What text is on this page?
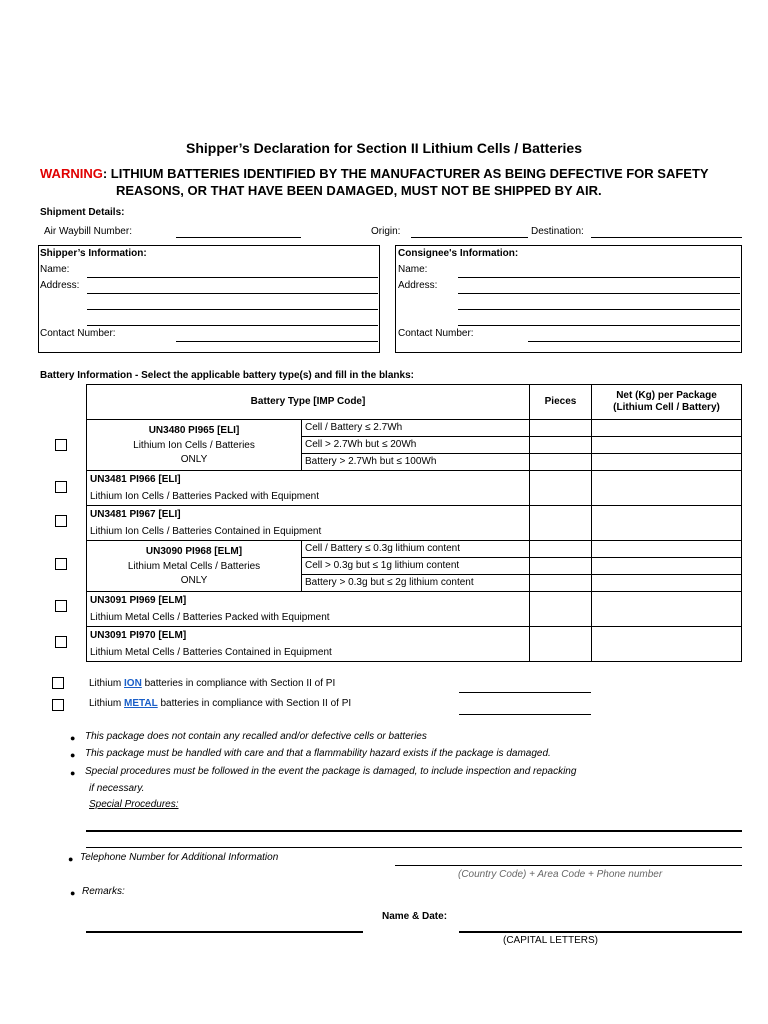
Shipper’s Declaration for Section II Lithium Cells / Batteries
WARNING: LITHIUM BATTERIES IDENTIFIED BY THE MANUFACTURER AS BEING DEFECTIVE FOR SAFETY
REASONS, OR THAT HAVE BEEN DAMAGED, MUST NOT BE SHIPPED BY AIR.
Shipment Details:
Air Waybill Number:	Origin:	Destination:
Shipper’s Information:
Name:
Address:
Contact Number:
Consignee's Information:
Name:
Address:
Contact Number:
Battery Information - Select the applicable battery type(s) and fill in the blanks:
Battery Type [IMP Code]		Pieces	Net (Kg) per Package
(Lithium Cell / Battery)
UN3480 PI965 [ELI]
Lithium Ion Cells / Batteries
ONLY	Cell / Battery ≤ 2.7Wh		
	Cell > 2.7Wh but ≤ 20Wh		
	Battery > 2.7Wh but ≤ 100Wh		
UN3481 PI966 [ELI]
Lithium Ion Cells / Batteries Packed with Equipment			
UN3481 PI967 [ELI]
Lithium Ion Cells / Batteries Contained in Equipment			
UN3090 PI968 [ELM]
Lithium Metal Cells / Batteries
ONLY	Cell / Battery ≤ 0.3g lithium content		
	Cell > 0.3g but ≤ 1g lithium content		
	Battery > 0.3g but ≤ 2g lithium content		
UN3091 PI969 [ELM]
Lithium Metal Cells / Batteries Packed with Equipment			
UN3091 PI970 [ELM]
Lithium Metal Cells / Batteries Contained in Equipment			
Lithium ION batteries in compliance with Section II of PI
Lithium METAL batteries in compliance with Section II of PI
● This package does not contain any recalled and/or defective cells or batteries
● This package must be handled with care and that a flammability hazard exists if the package is damaged.
● Special procedures must be followed in the event the package is damaged, to include inspection and repacking
if necessary.
Special Procedures:
● Telephone Number for Additional Information
(Country Code) + Area Code + Phone number
● Remarks:
Name & Date:
(CAPITAL LETTERS)
